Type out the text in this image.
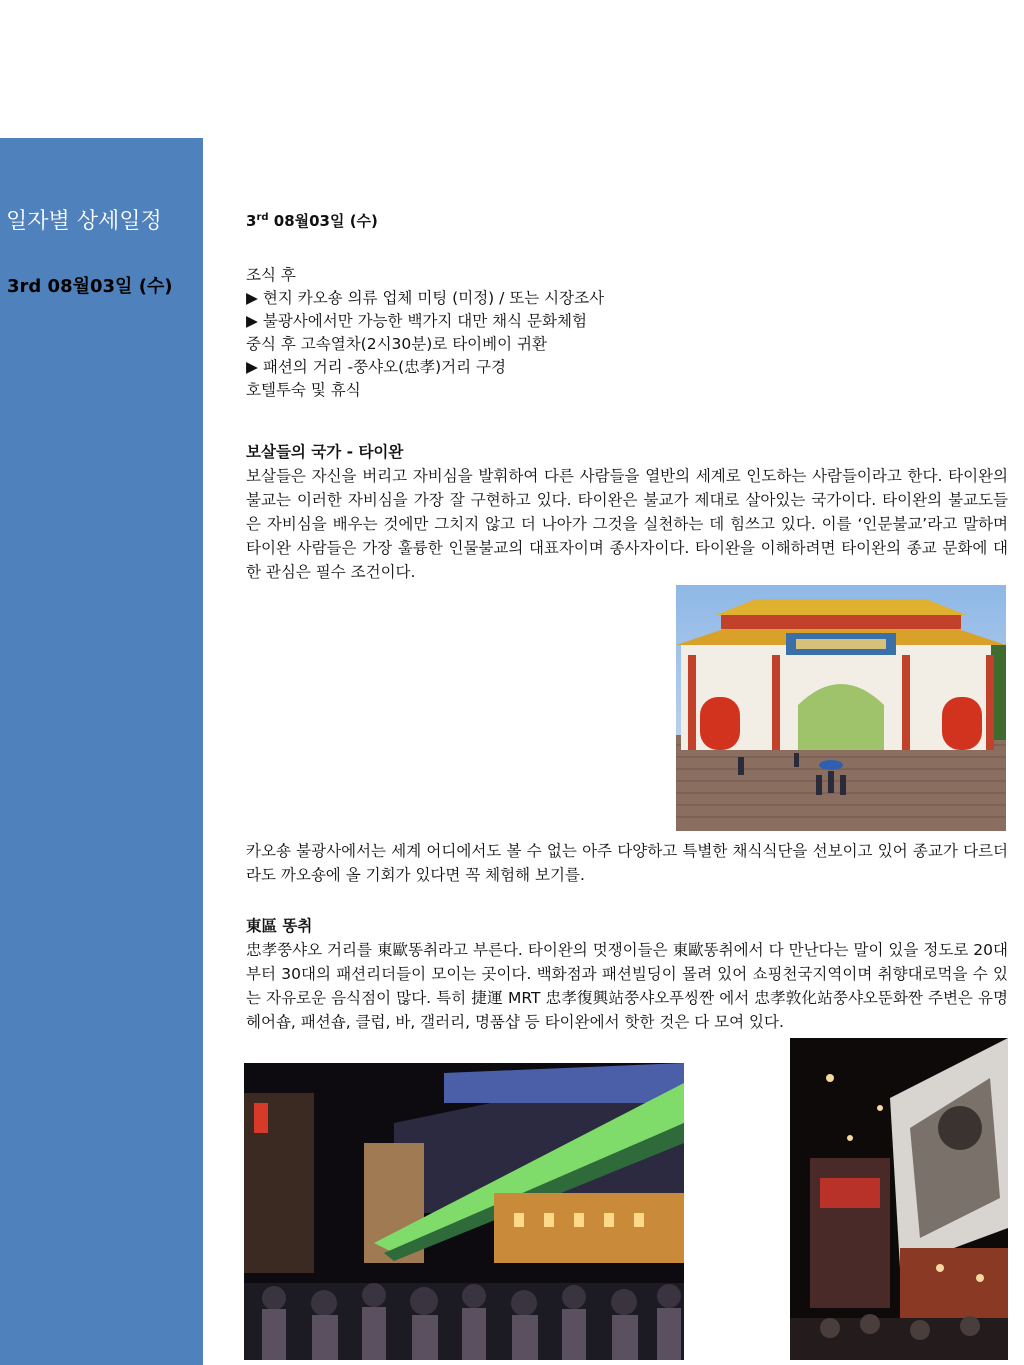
일자별 상세일정
3rd 08월03일 (수)
3rd 08월03일 (수)
조식 후
▶ 현지 카오숑 의류 업체 미팅 (미정) / 또는 시장조사
▶ 불광사에서만 가능한 백가지 대만 채식 문화체험
중식 후 고속열차(2시30분)로 타이베이 귀환
▶ 패션의 거리 -쭝샤오(忠孝)거리 구경
호텔투숙 및 휴식
보살들의 국가 - 타이완

보살들은 자신을 버리고 자비심을 발휘하여 다른 사람들을 열반의 세계로 인도하는 사람들이라고 한다. 타이완의 불교는 이러한 자비심을 가장 잘 구현하고 있다. 타이완은 불교가 제대로 살아있는 국가이다. 타이완의 불교도들은 자비심을 배우는 것에만 그치지 않고 더 나아가 그것을 실천하는 데 힘쓰고 있다. 이를 ‘인문불교’라고 말하며 타이완 사람들은 가장 훌륭한 인물불교의 대표자이며 종사자이다. 타이완을 이해하려면 타이완의 종교 문화에 대한 관심은 필수 조건이다.

카오숑 불광사에서는 세계 어디에서도 볼 수 없는 아주 다양하고 특별한 채식식단을 선보이고 있어 종교가 다르더라도 까오숑에 올 기회가 있다면 꼭 체험해 보기를.

東區 똥취

忠孝쭝샤오 거리를 東歐똥취라고 부른다. 타이완의 멋쟁이들은 東歐똥취에서 다 만난다는 말이 있을 정도로 20대 부터 30대의 패션리더들이 모이는 곳이다. 백화점과 패션빌딩이 몰려 있어 쇼핑천국지역이며 취향대로먹을 수 있는 자유로운 음식점이 많다. 특히 捷運 MRT 忠孝復興站쭝샤오푸씽짠 에서 忠孝敦化站쭝샤오뚠화짠 주변은 유명 헤어숍, 패션숍, 클럽, 바, 갤러리, 명품샵 등 타이완에서 핫한 것은 다 모여 있다.
